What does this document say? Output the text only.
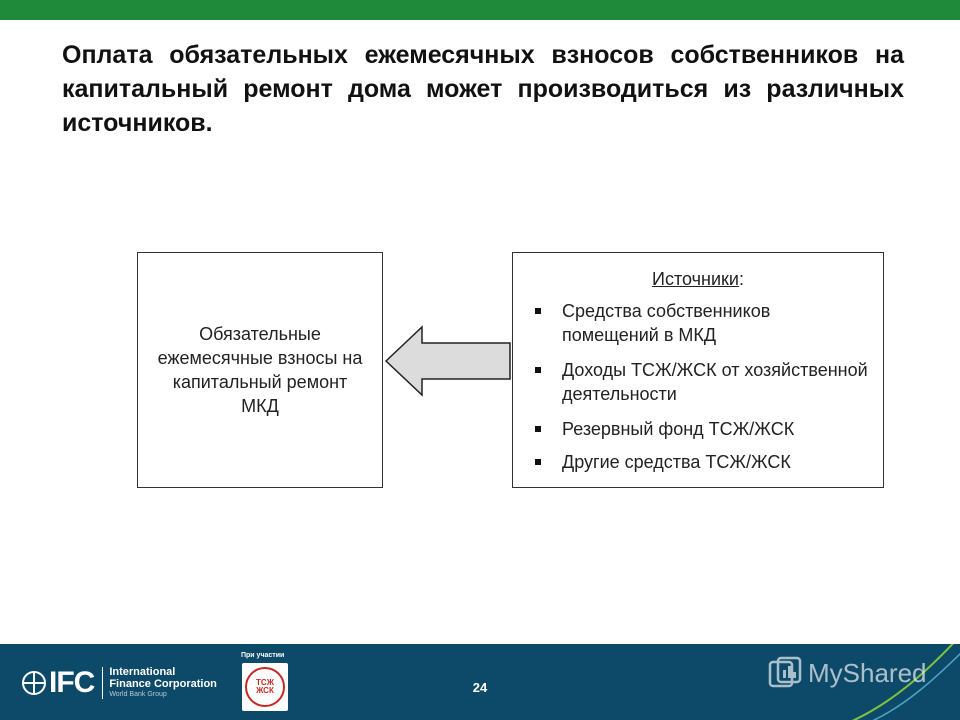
Оплата обязательных ежемесячных взносов собственников на капитальный ремонт дома может производиться из различных источников.
Обязательные ежемесячные взносы на капитальный ремонт МКД
Источники:
Средства собственников помещений в МКД
Доходы ТСЖ/ЖСК от хозяйственной деятельности
Резервный фонд ТСЖ/ЖСК
Другие средства ТСЖ/ЖСК
IFC International
Finance Corporation
World Bank Group
При участии
ТСЖ
ЖСК	24	MyShared
